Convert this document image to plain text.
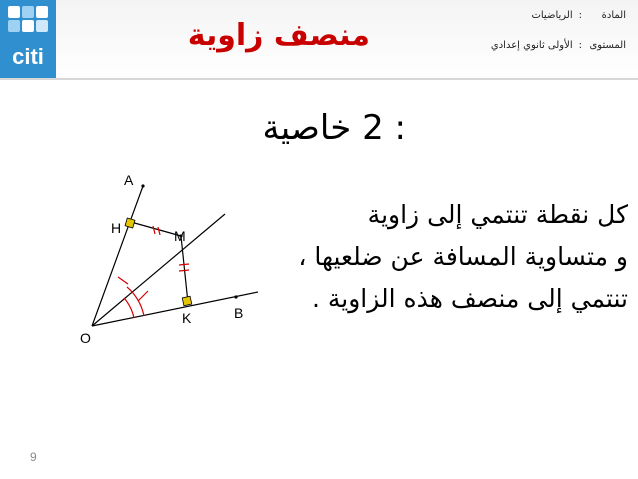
citi
منصف زاوية
المادة:الرياضيات
المستوى:الأولى ثانوي إعدادي
: 2 خاصية
كل نقطة تنتمي إلى زاوية
و متساوية المسافة عن ضلعيها ،
تنتمي إلى منصف هذه الزاوية .
A
H	M
K	B
O
9
